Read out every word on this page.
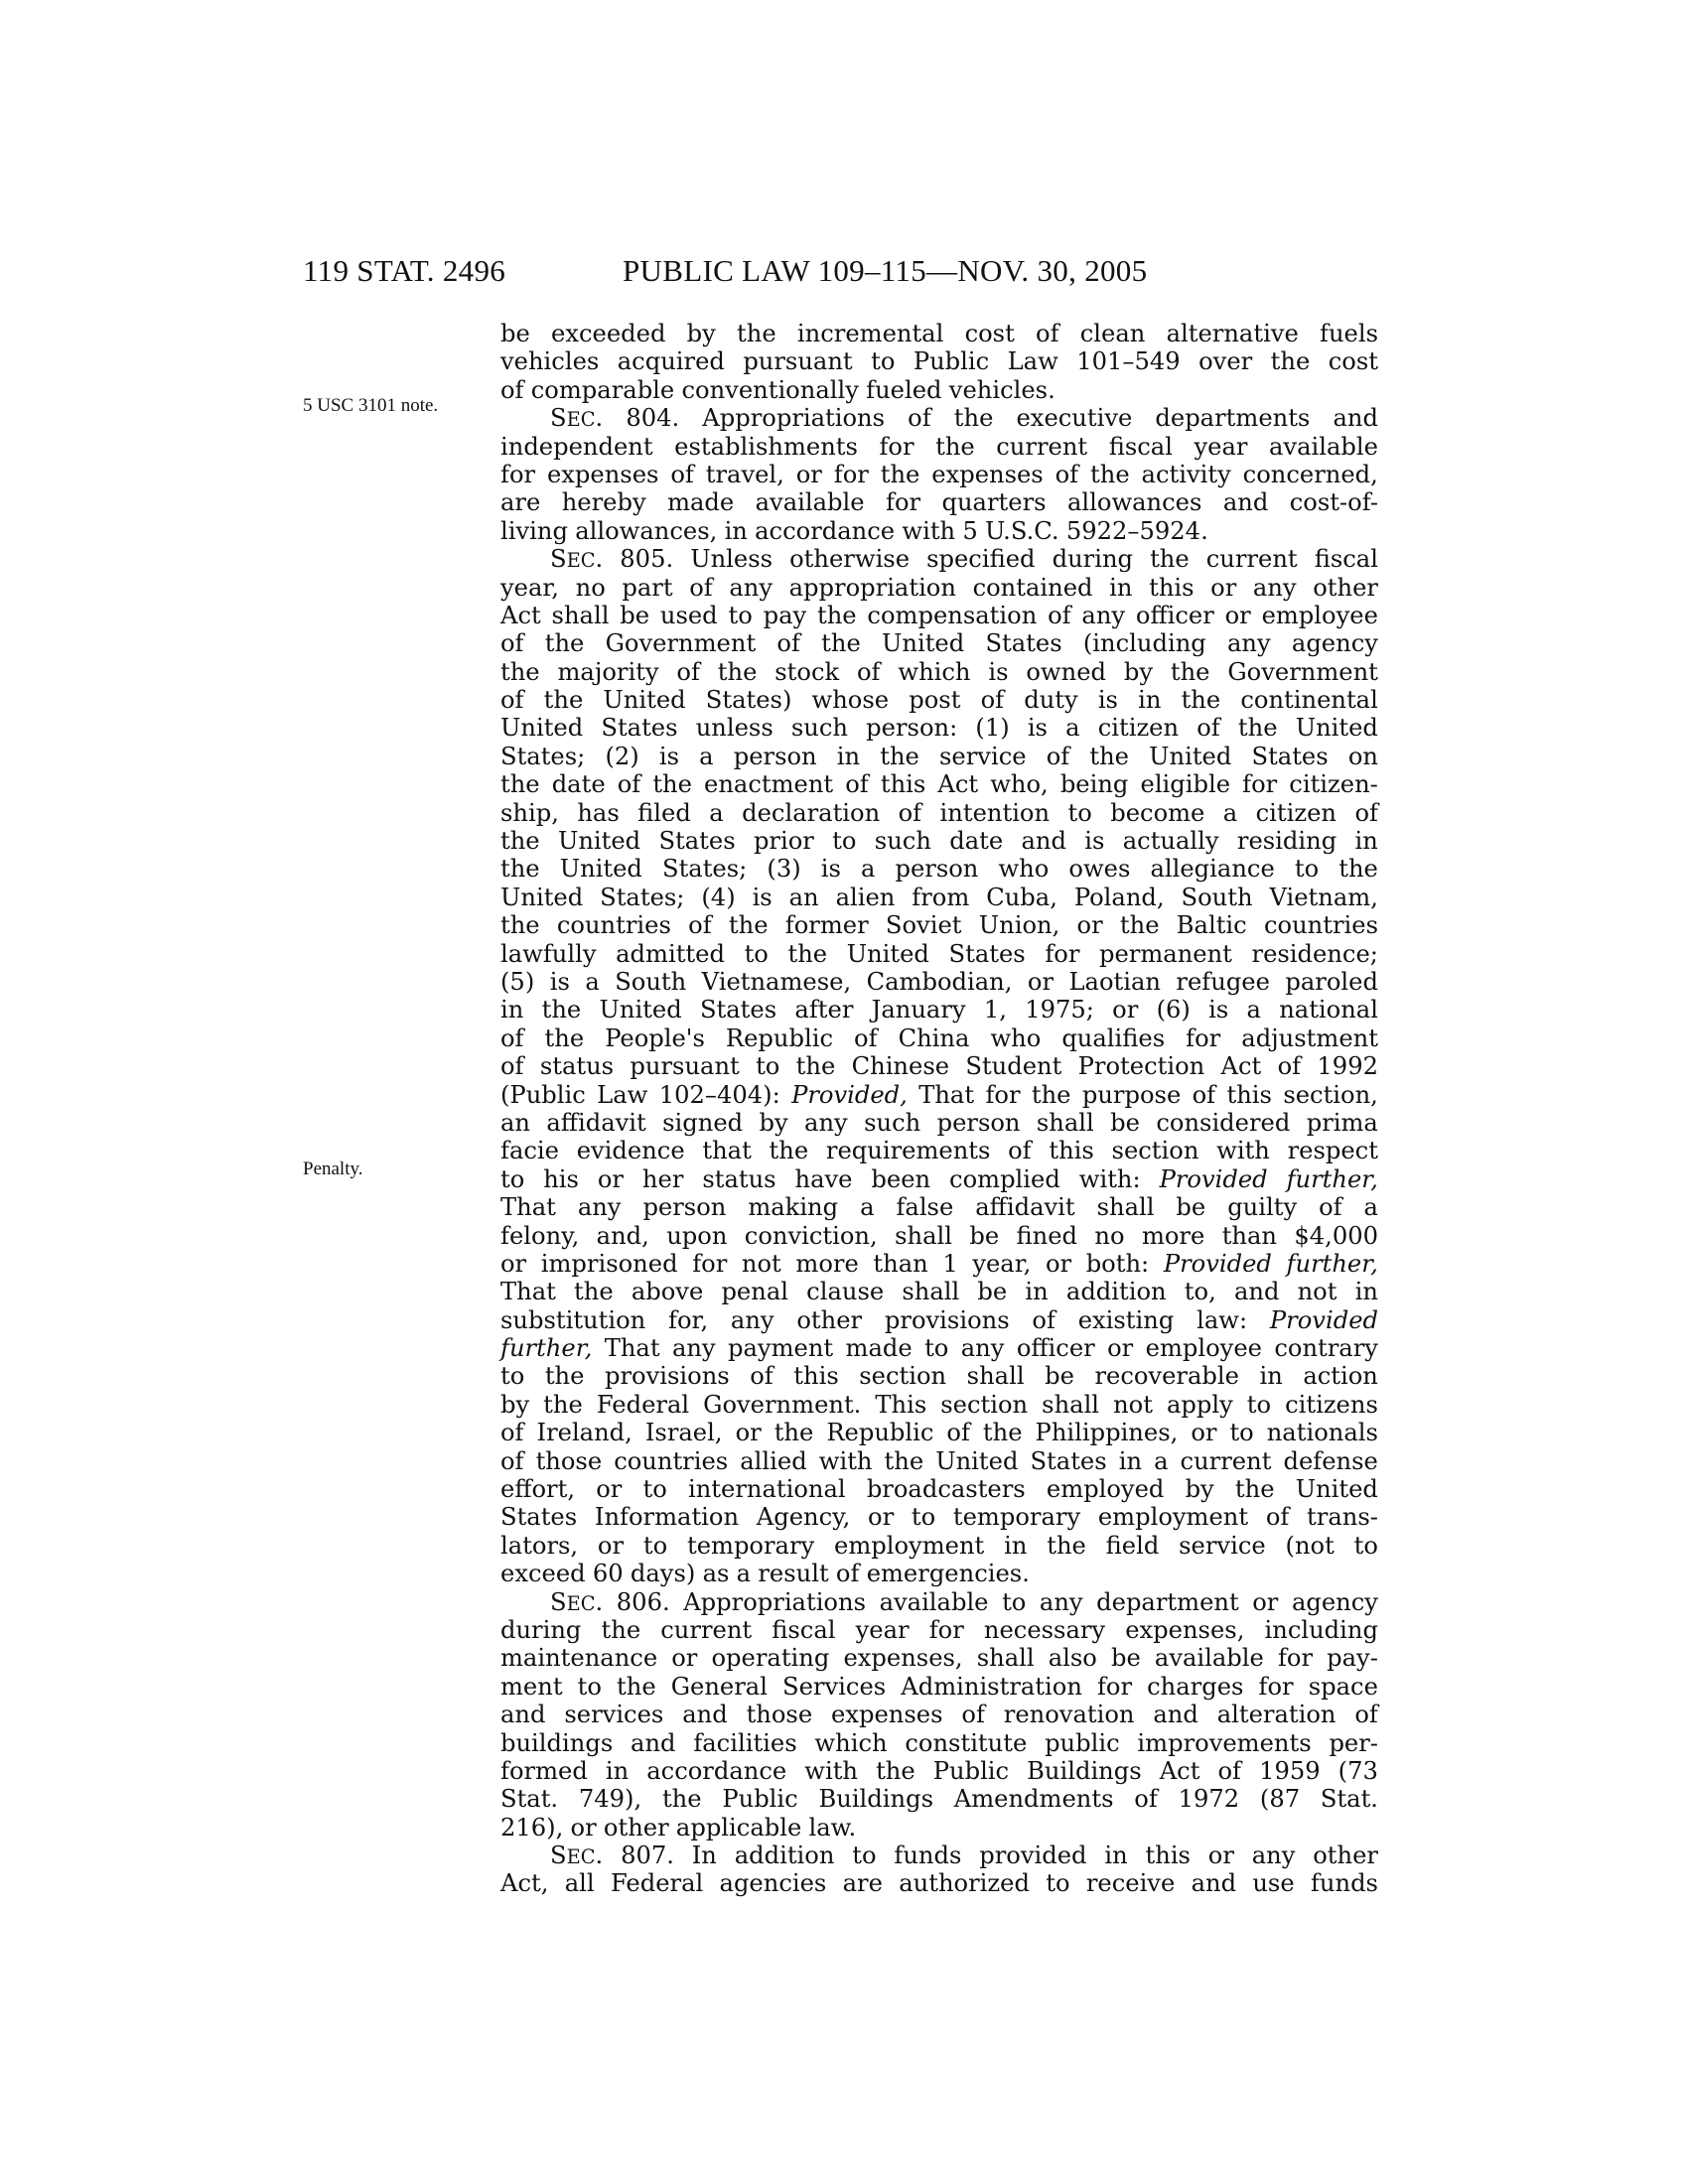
119 STAT. 2496	PUBLIC LAW 109–115—NOV. 30, 2005
5 USC 3101 note.
Penalty.
be exceeded by the incremental cost of clean alternative fuels
vehicles acquired pursuant to Public Law 101–549 over the cost
of comparable conventionally fueled vehicles.
SEC. 804. Appropriations of the executive departments and
independent establishments for the current fiscal year available
for expenses of travel, or for the expenses of the activity concerned,
are hereby made available for quarters allowances and cost-of-
living allowances, in accordance with 5 U.S.C. 5922–5924.
SEC. 805. Unless otherwise specified during the current fiscal
year, no part of any appropriation contained in this or any other
Act shall be used to pay the compensation of any officer or employee
of the Government of the United States (including any agency
the majority of the stock of which is owned by the Government
of the United States) whose post of duty is in the continental
United States unless such person: (1) is a citizen of the United
States; (2) is a person in the service of the United States on
the date of the enactment of this Act who, being eligible for citizen-
ship, has filed a declaration of intention to become a citizen of
the United States prior to such date and is actually residing in
the United States; (3) is a person who owes allegiance to the
United States; (4) is an alien from Cuba, Poland, South Vietnam,
the countries of the former Soviet Union, or the Baltic countries
lawfully admitted to the United States for permanent residence;
(5) is a South Vietnamese, Cambodian, or Laotian refugee paroled
in the United States after January 1, 1975; or (6) is a national
of the People's Republic of China who qualifies for adjustment
of status pursuant to the Chinese Student Protection Act of 1992
(Public Law 102–404): Provided, That for the purpose of this section,
an affidavit signed by any such person shall be considered prima
facie evidence that the requirements of this section with respect
to his or her status have been complied with: Provided further,
That any person making a false affidavit shall be guilty of a
felony, and, upon conviction, shall be fined no more than $4,000
or imprisoned for not more than 1 year, or both: Provided further,
That the above penal clause shall be in addition to, and not in
substitution for, any other provisions of existing law: Provided
further, That any payment made to any officer or employee contrary
to the provisions of this section shall be recoverable in action
by the Federal Government. This section shall not apply to citizens
of Ireland, Israel, or the Republic of the Philippines, or to nationals
of those countries allied with the United States in a current defense
effort, or to international broadcasters employed by the United
States Information Agency, or to temporary employment of trans-
lators, or to temporary employment in the field service (not to
exceed 60 days) as a result of emergencies.
SEC. 806. Appropriations available to any department or agency
during the current fiscal year for necessary expenses, including
maintenance or operating expenses, shall also be available for pay-
ment to the General Services Administration for charges for space
and services and those expenses of renovation and alteration of
buildings and facilities which constitute public improvements per-
formed in accordance with the Public Buildings Act of 1959 (73
Stat. 749), the Public Buildings Amendments of 1972 (87 Stat.
216), or other applicable law.
SEC. 807. In addition to funds provided in this or any other
Act, all Federal agencies are authorized to receive and use funds
